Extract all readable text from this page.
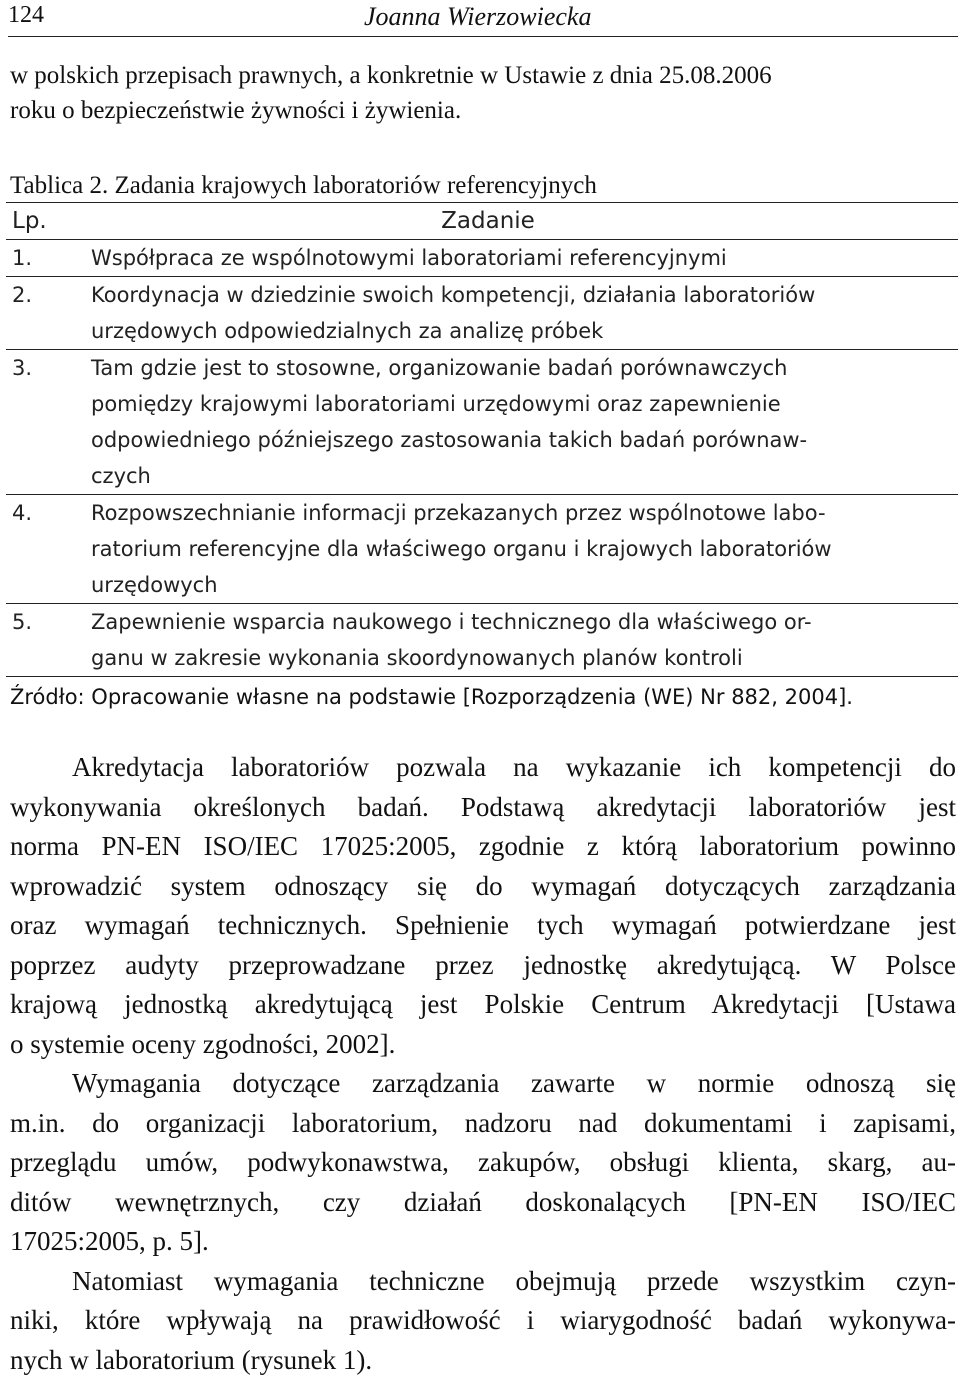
124	Joanna Wierzowiecka
w polskich przepisach prawnych, a konkretnie w Ustawie z dnia 25.08.2006
roku o bezpieczeństwie żywności i żywienia.
Tablica 2. Zadania krajowych laboratoriów referencyjnych
Lp.	Zadanie
1.	Współpraca ze wspólnotowymi laboratoriami referencyjnymi
2.	Koordynacja w dziedzinie swoich kompetencji, działania laboratoriów
urzędowych odpowiedzialnych za analizę próbek
3.	Tam gdzie jest to stosowne, organizowanie badań porównawczych
pomiędzy krajowymi laboratoriami urzędowymi oraz zapewnienie
odpowiedniego późniejszego zastosowania takich badań porównaw-
czych
4.	Rozpowszechnianie informacji przekazanych przez wspólnotowe labo-
ratorium referencyjne dla właściwego organu i krajowych laboratoriów
urzędowych
5.	Zapewnienie wsparcia naukowego i technicznego dla właściwego or-
ganu w zakresie wykonania skoordynowanych planów kontroli
Źródło: Opracowanie własne na podstawie [Rozporządzenia (WE) Nr 882, 2004].
Akredytacja laboratoriów pozwala na wykazanie ich kompetencji do
wykonywania określonych badań. Podstawą akredytacji laboratoriów jest
norma PN-EN ISO/IEC 17025:2005, zgodnie z którą laboratorium powinno
wprowadzić system odnoszący się do wymagań dotyczących zarządzania
oraz wymagań technicznych. Spełnienie tych wymagań potwierdzane jest
poprzez audyty przeprowadzane przez jednostkę akredytującą. W Polsce
krajową jednostką akredytującą jest Polskie Centrum Akredytacji [Ustawa
o systemie oceny zgodności, 2002].
Wymagania dotyczące zarządzania zawarte w normie odnoszą się
m.in. do organizacji laboratorium, nadzoru nad dokumentami i zapisami,
przeglądu umów, podwykonawstwa, zakupów, obsługi klienta, skarg, au-
ditów wewnętrznych, czy działań doskonalących [PN-EN ISO/IEC
17025:2005, p. 5].
Natomiast wymagania techniczne obejmują przede wszystkim czyn-
niki, które wpływają na prawidłowość i wiarygodność badań wykonywa-
nych w laboratorium (rysunek 1).
